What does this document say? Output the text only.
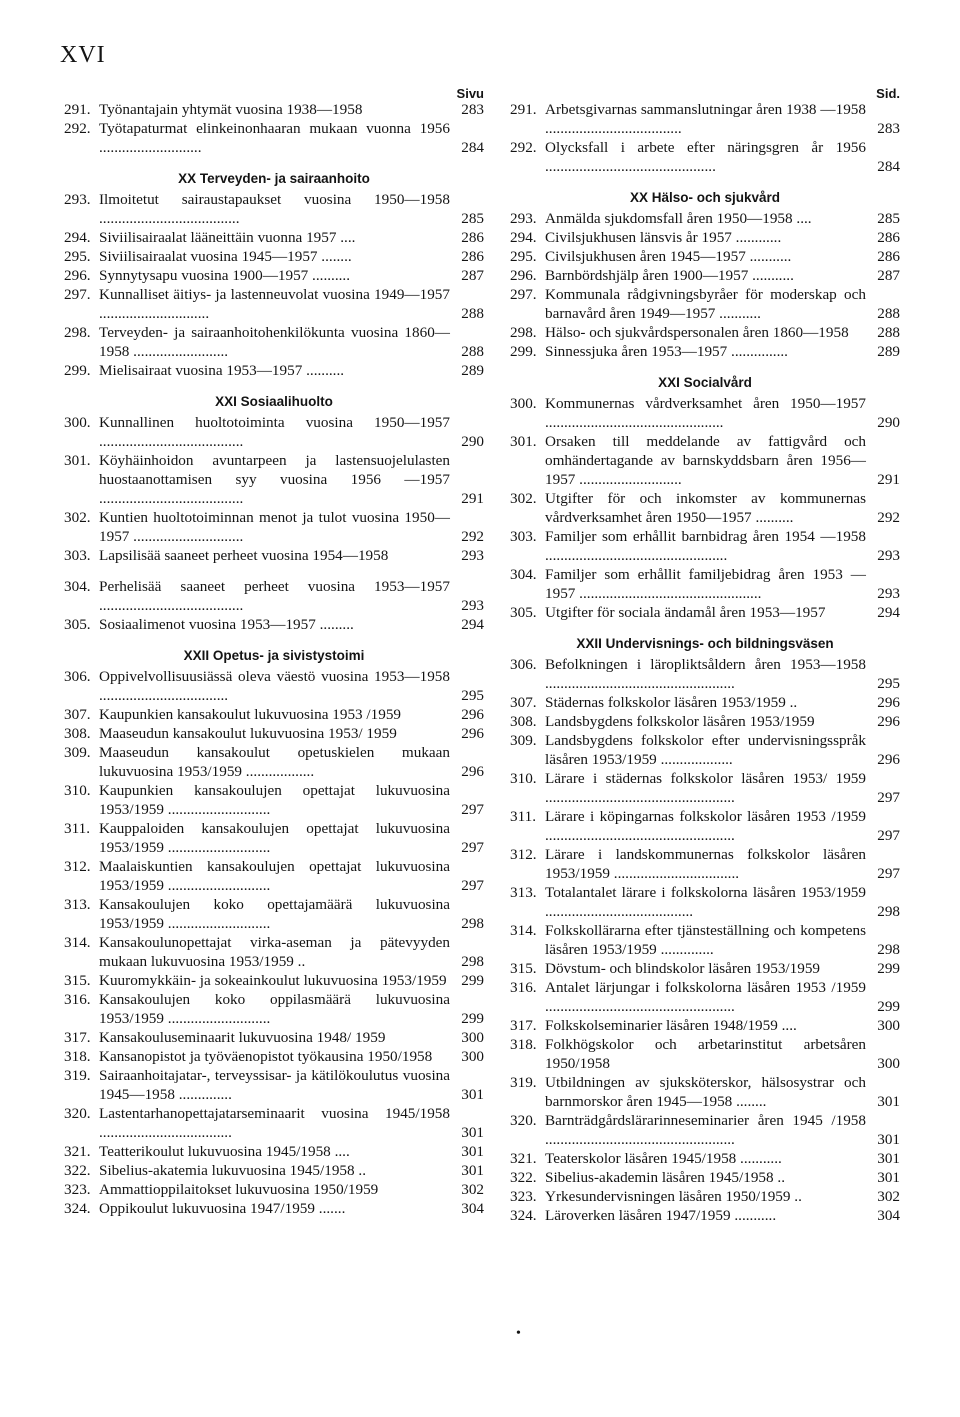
XVI
Sivu
291. Työnantajain yhtymät vuosina 1938—1958	283
292. Työtapaturmat elinkeinonhaaran mukaan vuonna 1956 ...........................	284
XX Terveyden- ja sairaanhoito
293. Ilmoitetut sairaustapaukset vuosina 1950—1958 .....................................	285
294. Siviilisairaalat lääneittäin vuonna 1957 ....	286
295. Siviilisairaalat vuosina 1945—1957 ........	286
296. Synnytysapu vuosina 1900—1957 ..........	287
297. Kunnalliset äitiys- ja lastenneuvolat vuosina 1949—1957 .............................	288
298. Terveyden- ja sairaanhoitohenkilökunta vuosina 1860—1958 .........................	288
299. Mielisairaat vuosina 1953—1957 ..........	289
XXI Sosiaalihuolto
300. Kunnallinen huoltotoiminta vuosina 1950—1957 ......................................	290
301. Köyhäinhoidon avuntarpeen ja lastensuojelulasten huostaanottamisen syy vuosina 1956 —1957 ......................................	291
302. Kuntien huoltotoiminnan menot ja tulot vuosina 1950—1957 .............................	292
303. Lapsilisää saaneet perheet vuosina 1954—1958	293
304. Perhelisää saaneet perheet vuosina 1953—1957 ......................................	293
305. Sosiaalimenot vuosina 1953—1957 .........	294
XXII Opetus- ja sivistystoimi
306. Oppivelvollisuusiässä oleva väestö vuosina 1953—1958 ..................................	295
307. Kaupunkien kansakoulut lukuvuosina 1953 /1959	296
308. Maaseudun kansakoulut lukuvuosina 1953/ 1959	296
309. Maaseudun kansakoulut opetuskielen mukaan lukuvuosina 1953/1959 ..................	296
310. Kaupunkien kansakoulujen opettajat lukuvuosina 1953/1959 ...........................	297
311. Kauppaloiden kansakoulujen opettajat lukuvuosina 1953/1959 ...........................	297
312. Maalaiskuntien kansakoulujen opettajat lukuvuosina 1953/1959 ...........................	297
313. Kansakoulujen koko opettajamäärä lukuvuosina 1953/1959 ...........................	298
314. Kansakoulunopettajat virka-aseman ja pätevyyden mukaan lukuvuosina 1953/1959 ..	298
315. Kuuromykkäin- ja sokeainkoulut lukuvuosina 1953/1959 299
316. Kansakoulujen koko oppilasmäärä lukuvuosina 1953/1959 ...........................	299
317. Kansakouluseminaarit lukuvuosina 1948/ 1959	300
318. Kansanopistot ja työväenopistot työkausina 1950/1958	300
319. Sairaanhoitajatar-, terveyssisar- ja kätilökoulutus vuosina 1945—1958 ..............	301
320. Lastentarhanopettajatarseminaarit vuosina 1945/1958 ...................................	301
321. Teatterikoulut lukuvuosina 1945/1958 ....	301
322. Sibelius-akatemia lukuvuosina 1945/1958 ..	301
323. Ammattioppilaitokset lukuvuosina 1950/1959	302
324. Oppikoulut lukuvuosina 1947/1959 .......	304
Sid.
291. Arbetsgivarnas sammanslutningar åren 1938 —1958 ....................................	283
292. Olycksfall i arbete efter näringsgren år 1956 .............................................	284
XX Hälso- och sjukvård
293. Anmälda sjukdomsfall åren 1950—1958 ....	285
294. Civilsjukhusen länsvis år 1957 ............	286
295. Civilsjukhusen åren 1945—1957 ...........	286
296. Barnbördshjälp åren 1900—1957 ...........	287
297. Kommunala rådgivningsbyråer för moderskap och barnavård åren 1949—1957 ...........	288
298. Hälso- och sjukvårdspersonalen åren 1860—1958	288
299. Sinnessjuka åren 1953—1957 ...............	289
XXI Socialvård
300. Kommunernas vårdverksamhet åren 1950—1957 ...............................................	290
301. Orsaken till meddelande av fattigvård och omhändertagande av barnskyddsbarn åren 1956—1957 ...........................	291
302. Utgifter för och inkomster av kommunernas vårdverksamhet åren 1950—1957 ..........	292
303. Familjer som erhållit barnbidrag åren 1954 —1958 ................................................	293
304. Familjer som erhållit familjebidrag åren 1953 —1957 ................................................	293
305. Utgifter för sociala ändamål åren 1953—1957	294
XXII Undervisnings- och bildningsväsen
306. Befolkningen i läropliktsåldern åren 1953—1958 ..................................................	295
307. Städernas folkskolor läsåren 1953/1959 ..	296
308. Landsbygdens folkskolor läsåren 1953/1959	296
309. Landsbygdens folkskolor efter undervisningsspråk läsåren 1953/1959 ...................	296
310. Lärare i städernas folkskolor läsåren 1953/ 1959 ..................................................	297
311. Lärare i köpingarnas folkskolor läsåren 1953 /1959 ..................................................	297
312. Lärare i landskommunernas folkskolor läsåren 1953/1959 .................................	297
313. Totalantalet lärare i folkskolorna läsåren 1953/1959 .......................................	298
314. Folkskollärarna efter tjänsteställning och kompetens läsåren 1953/1959 ..............	298
315. Dövstum- och blindskolor läsåren 1953/1959	299
316. Antalet lärjungar i folkskolorna läsåren 1953 /1959 ..................................................	299
317. Folkskolseminarier läsåren 1948/1959 ....	300
318. Folkhögskolor och arbetarinstitut arbetsåren 1950/1958	300
319. Utbildningen av sjuksköterskor, hälsosystrar och barnmorskor åren 1945—1958 ........	301
320. Barnträdgårdslärarinneseminarier åren 1945 /1958 ..................................................	301
321. Teaterskolor läsåren 1945/1958 ...........	301
322. Sibelius-akademin läsåren 1945/1958 ..	301
323. Yrkesundervisningen läsåren 1950/1959 ..	302
324. Läroverken läsåren 1947/1959 ...........	304
•
